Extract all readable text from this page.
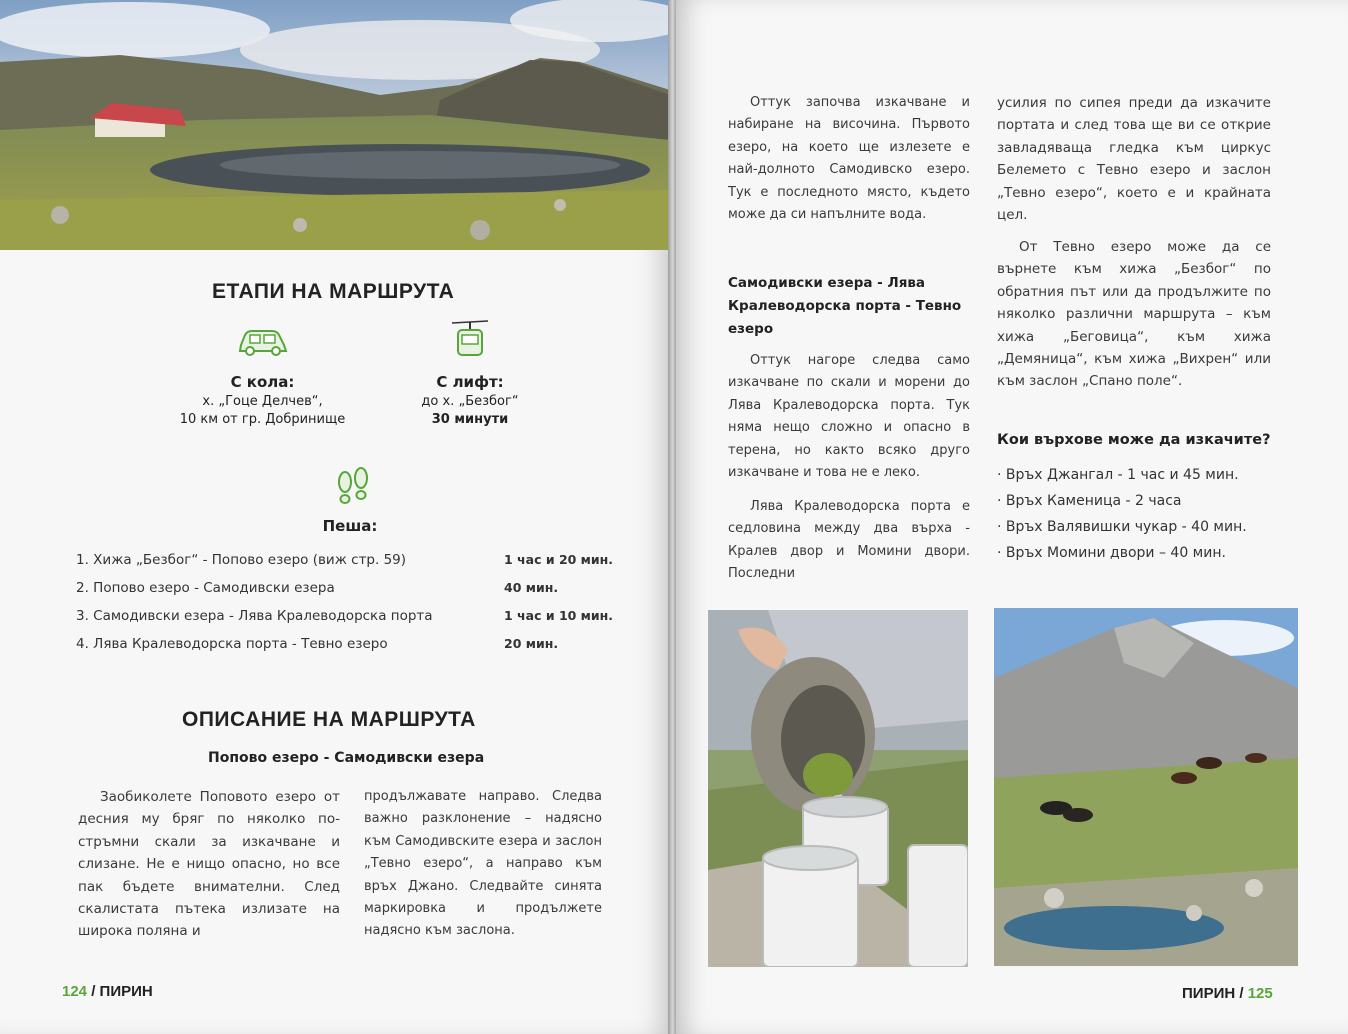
ЕТАПИ НА МАРШРУТА
С кола:
х. „Гоце Делчев“,
10 км от гр. Добринище
С лифт:
до х. „Безбог“
30 минути
Пеша:
1. Хижа „Безбог“ - Попово езеро (виж стр. 59)	1 час и 20 мин.
2. Попово езеро - Самодивски езера	40 мин.
3. Самодивски езера - Лява Кралеводорска порта	1 час и 10 мин.
4. Лява Кралеводорска порта - Тевно езеро	20 мин.
ОПИСАНИЕ НА МАРШРУТА
Попово езеро - Самодивски езера

Заобиколете Поповото езеро от десния му бряг по няколко по-стръмни скали за изкачване и слизане. Не е нищо опасно, но все пак бъдете внимателни. След скалистата пътека излизате на широка поляна и

продължавате направо. Следва важно разклонение – надясно към Самодивските езера и заслон „Тевно езеро“, а направо към връх Джано. Следвайте синята маркировка и продължете надясно към заслона.

124 / ПИРИН

Оттук започва изкачване и набиране на височина. Първото езеро, на което ще излезете е най-долното Самодивско езеро. Тук е последното място, където може да си напълните вода.

Самодивски езера - Лява Кралеводорска порта - Тевно езеро

Оттук нагоре следва само изкачване по скали и морени до Лява Кралеводорска порта. Тук няма нещо сложно и опасно в терена, но както всяко друго изкачване и това не е леко.

Лява Кралеводорска порта е седловина между два върха - Кралев двор и Момини двори. Последни

усилия по сипея преди да изкачите портата и след това ще ви се открие завладяваща гледка към циркус Белемето с Тевно езеро и заслон „Тевно езеро“, което е и крайната цел.

От Тевно езеро може да се върнете към хижа „Безбог“ по обратния път или да продължите по няколко различни маршрута – към хижа „Беговица“, към хижа „Демяница“, към хижа „Вихрен“ или към заслон „Спано поле“.

Кои върхове може да изкачите?
ПИРИН / 125
· Връх Джангал - 1 час и 45 мин.
· Връх Каменица - 2 часа
· Връх Валявишки чукар - 40 мин.
· Връх Момини двори – 40 мин.
